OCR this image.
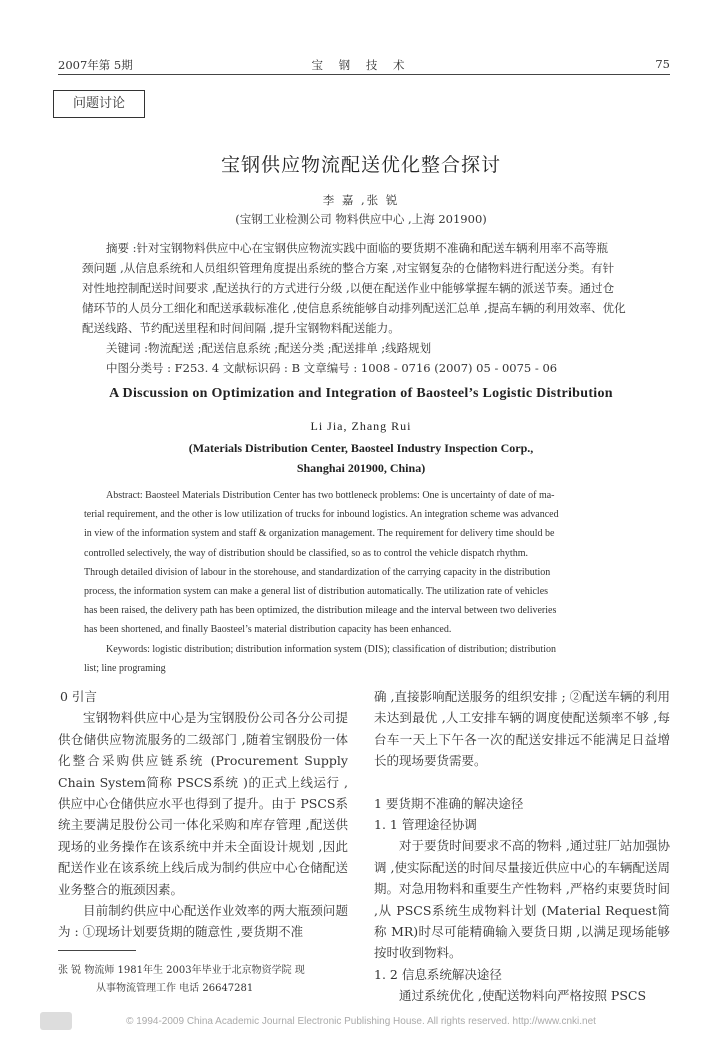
2007年第 5期	宝 钢 技 术	75
问题讨论
宝钢供应物流配送优化整合探讨
李 嘉 ,张 锐
(宝钢工业检测公司 物料供应中心 ,上海 201900)
摘要 :针对宝钢物料供应中心在宝钢供应物流实践中面临的要货期不准确和配送车辆利用率不高等瓶
颈问题 ,从信息系统和人员组织管理角度提出系统的整合方案 ,对宝钢复杂的仓储物料进行配送分类。有针
对性地控制配送时间要求 ,配送执行的方式进行分级 ,以便在配送作业中能够掌握车辆的派送节奏。通过仓
储环节的人员分工细化和配送承载标准化 ,使信息系统能够自动排列配送汇总单 ,提高车辆的利用效率、优化
配送线路、节约配送里程和时间间隔 ,提升宝钢物料配送能力。
关键词 :物流配送 ;配送信息系统 ;配送分类 ;配送排单 ;线路规划
中图分类号 : F253. 4 文献标识码 : B 文章编号 : 1008 - 0716 (2007) 05 - 0075 - 06
A Discussion on Optimization and Integration of Baosteel’s Logistic Distribution
Li Jia, Zhang Rui
(Materials Distribution Center, Baosteel Industry Inspection Corp.,
Shanghai 201900, China)
Abstract: Baosteel Materials Distribution Center has two bottleneck problems: One is uncertainty of date of ma-
terial requirement, and the other is low utilization of trucks for inbound logistics. An integration scheme was advanced
in view of the information system and staff & organization management. The requirement for delivery time should be
controlled selectively, the way of distribution should be classified, so as to control the vehicle dispatch rhythm.
Through detailed division of labour in the storehouse, and standardization of the carrying capacity in the distribution
process, the information system can make a general list of distribution automatically. The utilization rate of vehicles
has been raised, the delivery path has been optimized, the distribution mileage and the interval between two deliveries
has been shortened, and finally Baosteel’s material distribution capacity has been enhanced.
Keywords: logistic distribution; distribution information system (DIS); classification of distribution; distribution
list; line programing

0 引言

宝钢物料供应中心是为宝钢股份公司各分公司提供仓储供应物流服务的二级部门 ,随着宝钢股份一体化整合采购供应链系统 (Procurement Supply Chain System简称 PSCS系统 )的正式上线运行 ,供应中心仓储供应水平也得到了提升。由于 PSCS系统主要满足股份公司一体化采购和库存管理 ,配送供现场的业务操作在该系统中并未全面设计规划 ,因此配送作业在该系统上线后成为制约供应中心仓储配送业务整合的瓶颈因素。

目前制约供应中心配送作业效率的两大瓶颈问题为 : ①现场计划要货期的随意性 ,要货期不准

张 锐 物流师 1981年生 2003年毕业于北京物资学院 现
从事物流管理工作 电话 26647281

确 ,直接影响配送服务的组织安排 ; ②配送车辆的利用未达到最优 ,人工安排车辆的调度使配送频率不够 ,每台车一天上下午各一次的配送安排远不能满足日益增长的现场要货需要。

1 要货期不准确的解决途径

1. 1 管理途径协调

对于要货时间要求不高的物料 ,通过驻厂站加强协调 ,使实际配送的时间尽量接近供应中心的车辆配送周期。对急用物料和重要生产性物料 ,严格约束要货时间 ,从 PSCS系统生成物料计划 (Material Request简称 MR)时尽可能精确输入要货日期 ,以满足现场能够按时收到物料。

1. 2 信息系统解决途径

通过系统优化 ,使配送物料向严格按照 PSCS

© 1994-2009 China Academic Journal Electronic Publishing House. All rights reserved. http://www.cnki.net
